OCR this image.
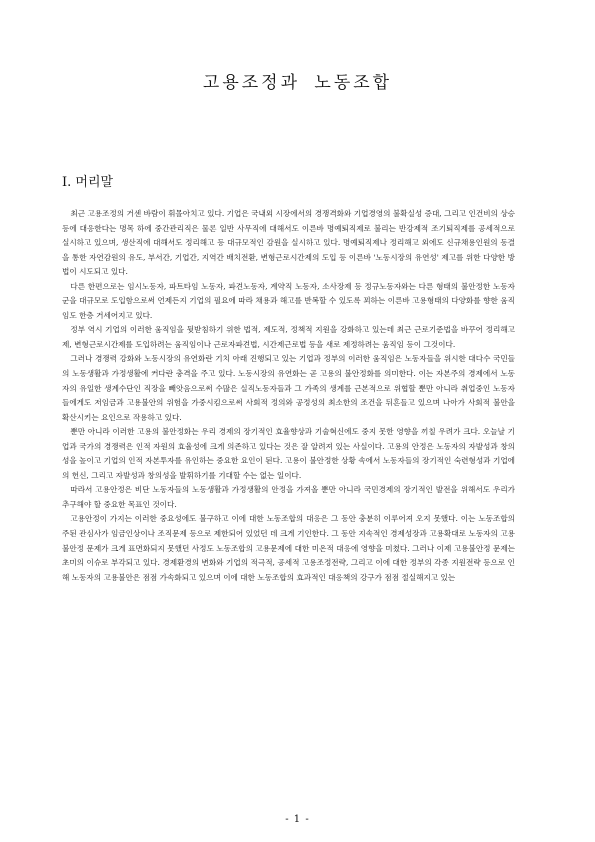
고용조정과 노동조합
I. 머리말

최근 고용조정의 거센 바람이 휘몰아치고 있다. 기업은 국내외 시장에서의 경쟁격화와 기업경영의 불확실성 증대, 그리고 인건비의 상승 등에 대응한다는 명목 하에 중간관리직은 물론 일반 사무직에 대해서도 이른바 명예퇴직제로 불리는 반강제적 조기퇴직제를 공세적으로 실시하고 있으며, 생산직에 대해서도 정리해고 등 대규모적인 감원을 실시하고 있다. 명예퇴직제나 정리해고 외에도 신규채용인원의 동결을 통한 자연감원의 유도, 부서간, 기업간, 지역간 배치전환, 변형근로시간제의 도입 등 이른바 '노동시장의 유연성' 제고를 위한 다양한 방법이 시도되고 있다.

다른 한편으로는 임시노동자, 파트타임 노동자, 파견노동자, 계약직 노동자, 소사장제 등 정규노동자와는 다른 형태의 불안정한 노동자 군을 대규모로 도입함으로써 언제든지 기업의 필요에 따라 채용과 해고를 반복할 수 있도록 꾀하는 이른바 고용형태의 다양화를 향한 움직임도 한층 거세어지고 있다.

정부 역시 기업의 이러한 움직임을 뒷받침하기 위한 법적, 제도적, 정책적 지원을 강화하고 있는데 최근 근로기준법을 바꾸어 정리해고제, 변형근로시간제를 도입하려는 움직임이나 근로자파견법, 시간제근로법 등을 새로 제정하려는 움직임 등이 그것이다.

그러나 경쟁력 강화와 노동시장의 유연화란 기치 아래 진행되고 있는 기업과 정부의 이러한 움직임은 노동자들을 위시한 대다수 국민들의 노동생활과 가정생활에 커다란 충격을 주고 있다. 노동시장의 유연화는 곧 고용의 불안정화를 의미한다. 이는 자본주의 경제에서 노동자의 유일한 생계수단인 직장을 빼앗음으로써 수많은 실직노동자들과 그 가족의 생계를 근본적으로 위협할 뿐만 아니라 취업중인 노동자들에게도 저임금과 고용불안의 위험을 가중시킴으로써 사회적 정의와 공정성의 최소한의 조건을 뒤흔들고 있으며 나아가 사회적 불안을 확산시키는 요인으로 작용하고 있다.

뿐만 아니라 이러한 고용의 불안정화는 우리 경제의 장기적인 효율향상과 기술혁신에도 중지 못한 영향을 끼칠 우려가 크다. 오늘날 기업과 국가의 경쟁력은 인적 자원의 효율성에 크게 의존하고 있다는 것은 잘 알려져 있는 사실이다. 고용의 안정은 노동자의 자발성과 창의성을 높이고 기업의 인적 자본투자를 유인하는 중요한 요인이 된다. 고용이 불안정한 상황 속에서 노동자들의 장기적인 숙련형성과 기업에의 헌신, 그리고 자발성과 창의성을 발휘하기를 기대할 수는 없는 일이다.

따라서 고용안정은 비단 노동자들의 노동생활과 가정생활의 안정을 가져올 뿐만 아니라 국민경제의 장기적인 발전을 위해서도 우리가 추구해야 할 중요한 목표인 것이다.

고용안정이 가지는 이러한 중요성에도 불구하고 이에 대한 노동조합의 대응은 그 동안 충분히 이루어져 오지 못했다. 이는 노동조합의 주된 관심사가 임금인상이나 조직문제 등으로 제한되어 있었던 데 크게 기인한다. 그 동안 지속적인 경제성장과 고용확대로 노동자의 고용불안정 문제가 크게 표면화되지 못했던 사정도 노동조합의 고용문제에 대한 미온적 대응에 영향을 미쳤다. 그러나 이제 고용불안정 문제는 초미의 이슈로 부각되고 있다. 경제환경의 변화와 기업의 적극적, 공세적 고용조정전략, 그리고 이에 대한 정부의 각종 지원전략 등으로 인해 노동자의 고용불안은 점점 가속화되고 있으며 이에 대한 노동조합의 효과적인 대응책의 강구가 점점 절실해지고 있는

- 1 -
